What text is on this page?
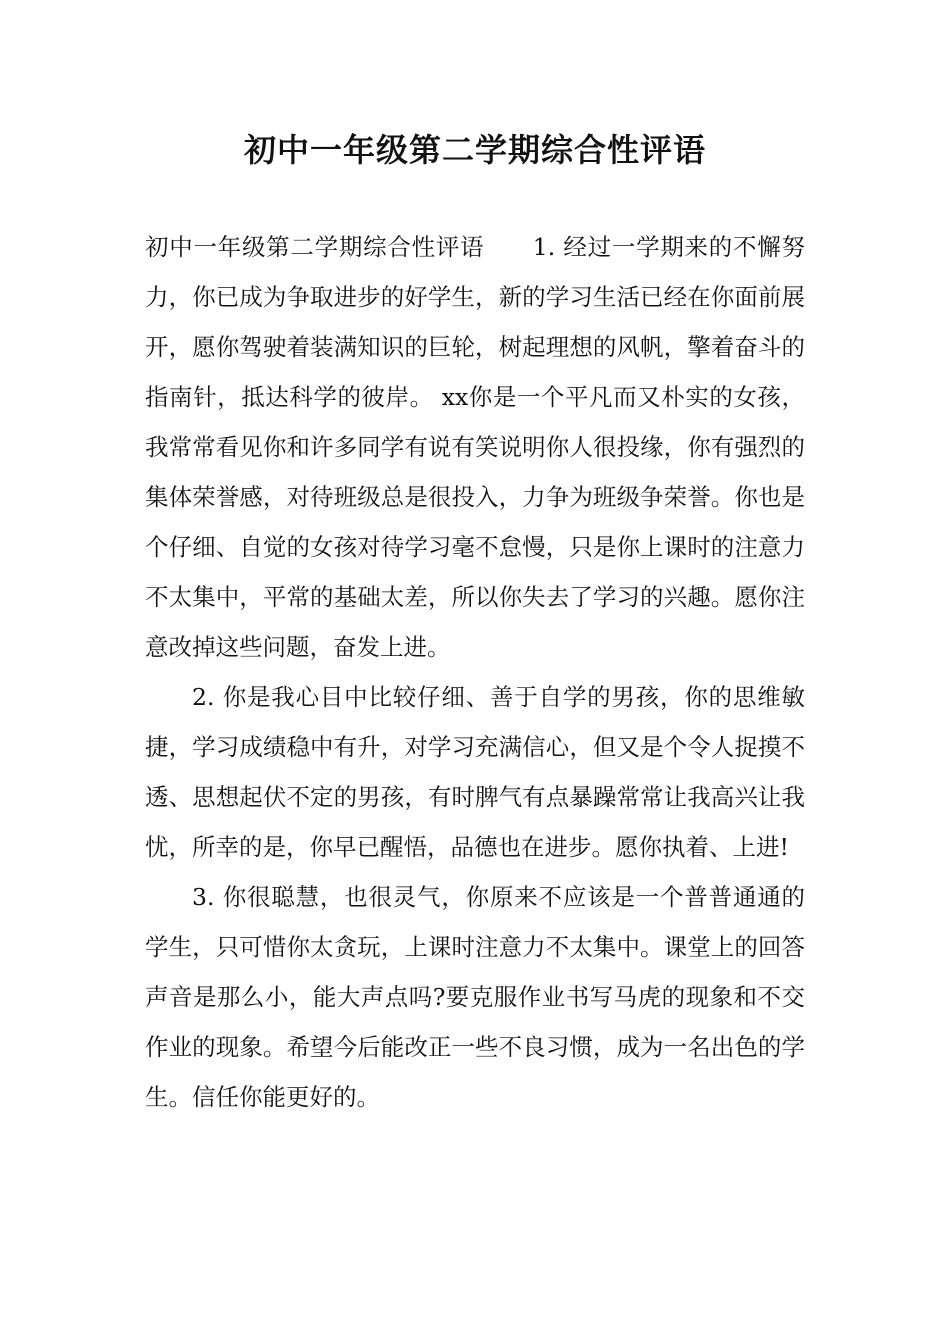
初中一年级第二学期综合性评语

初中一年级第二学期综合性评语　　1. 经过一学期来的不懈努力，你已成为争取进步的好学生，新的学习生活已经在你面前展开，愿你驾驶着装满知识的巨轮，树起理想的风帆，擎着奋斗的指南针，抵达科学的彼岸。 xx你是一个平凡而又朴实的女孩，我常常看见你和许多同学有说有笑说明你人很投缘，你有强烈的集体荣誉感，对待班级总是很投入，力争为班级争荣誉。你也是个仔细、自觉的女孩对待学习毫不怠慢，只是你上课时的注意力不太集中，平常的基础太差，所以你失去了学习的兴趣。愿你注意改掉这些问题，奋发上进。

2. 你是我心目中比较仔细、善于自学的男孩，你的思维敏捷，学习成绩稳中有升，对学习充满信心，但又是个令人捉摸不透、思想起伏不定的男孩，有时脾气有点暴躁常常让我高兴让我忧，所幸的是，你早已醒悟，品德也在进步。愿你执着、上进!

3. 你很聪慧，也很灵气，你原来不应该是一个普普通通的学生，只可惜你太贪玩，上课时注意力不太集中。课堂上的回答声音是那么小，能大声点吗?要克服作业书写马虎的现象和不交作业的现象。希望今后能改正一些不良习惯，成为一名出色的学生。信任你能更好的。
